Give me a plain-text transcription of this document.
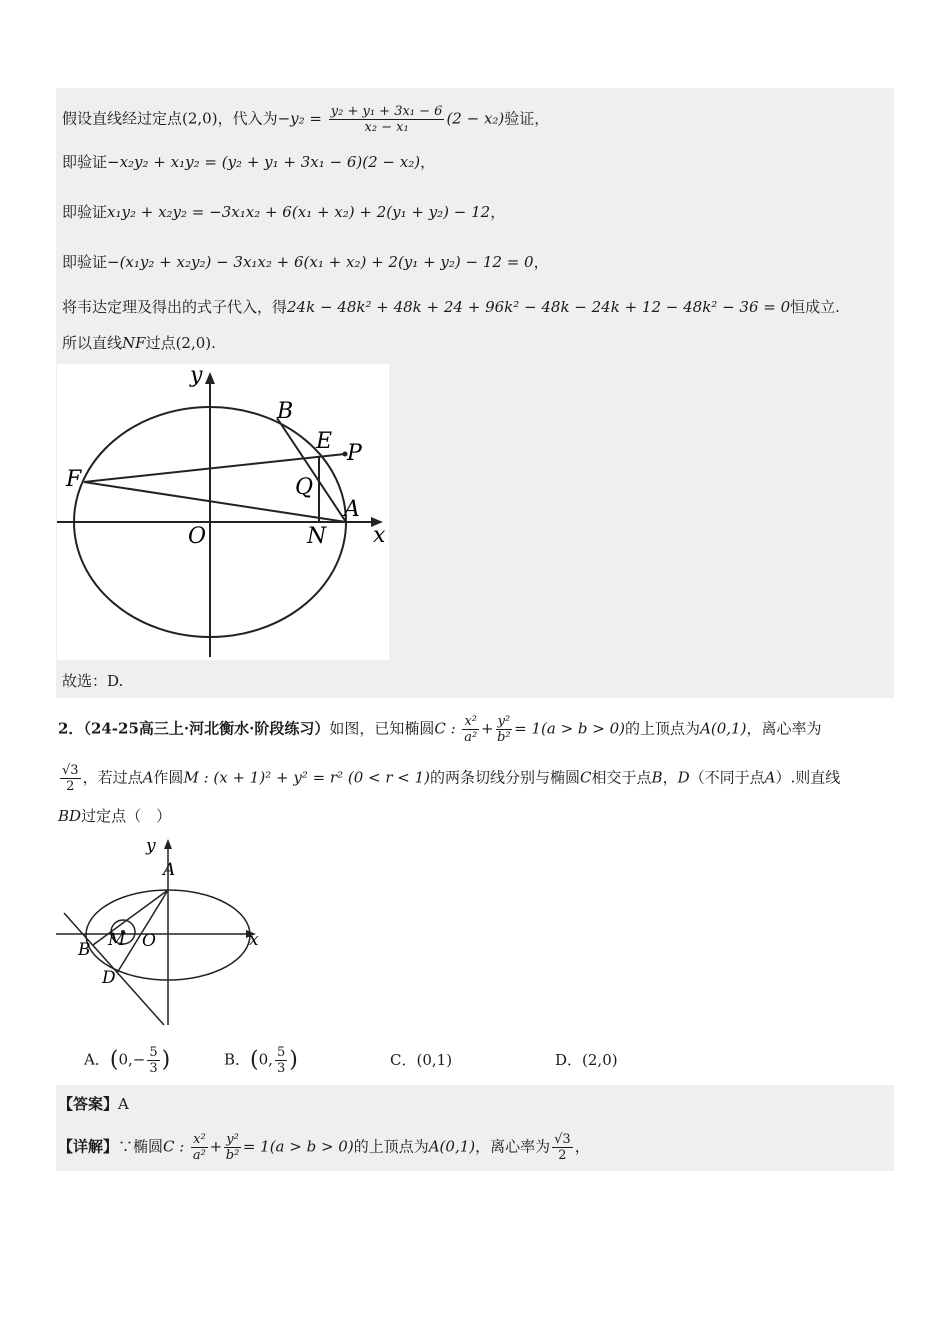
假设直线经过定点(2,0)，代入为$-y_2 = \frac{\text{y₂ + y₁ + 3x₁ − 6}}{\text{x₂ − x₁}} (2 - x_2)$验证，
即验证−x₂y₂ + x₁y₂ = (y₂ + y₁ + 3x₁ − 6)(2 − x₂)，
即验证x₁y₂ + x₂y₂ = −3x₁x₂ + 6(x₁ + x₂) + 2(y₁ + y₂) − 12，
即验证−(x₁y₂ + x₂y₂) − 3x₁x₂ + 6(x₁ + x₂) + 2(y₁ + y₂) − 12 = 0，
将韦达定理及得出的式子代入，得24k − 48k² + 48k + 24 + 96k² − 48k − 24k + 12 − 48k² − 36 = 0恒成立.
所以直线NF过点(2,0).
y
x
B
E P
F	Q
A
O	N
故选：D.
2．（24-25高三上·河北衡水·阶段练习）如图，已知椭圆C : $\frac{\text{x²}}{\text{a²}} + \frac{\text{y²}}{\text{b²}} = 1(a > b > 0)$的上顶点为A(0,1)，离心率为
$\frac{√3}{2}$ ，若过点A作圆M : (x + 1)² + y² = r² (0 < r < 1)的两条切线分别与椭圆C相交于点B，D（不同于点A）.则直线
BD过定点（　）
y
A
M O	x
B
D
A．($0,- \frac{5}{3}$ )	B．(0, $\frac{5}{3}$ )	C．(0,1)	D．(2,0)
【答案】A
【详解】∵椭圆C : $\frac{\text{x²}}{\text{a²}} + \frac{\text{y²}}{\text{b²}} = 1(a > b > 0)$的上顶点为A(0,1)，离心率为 $\frac{√3}{2}$ ，
